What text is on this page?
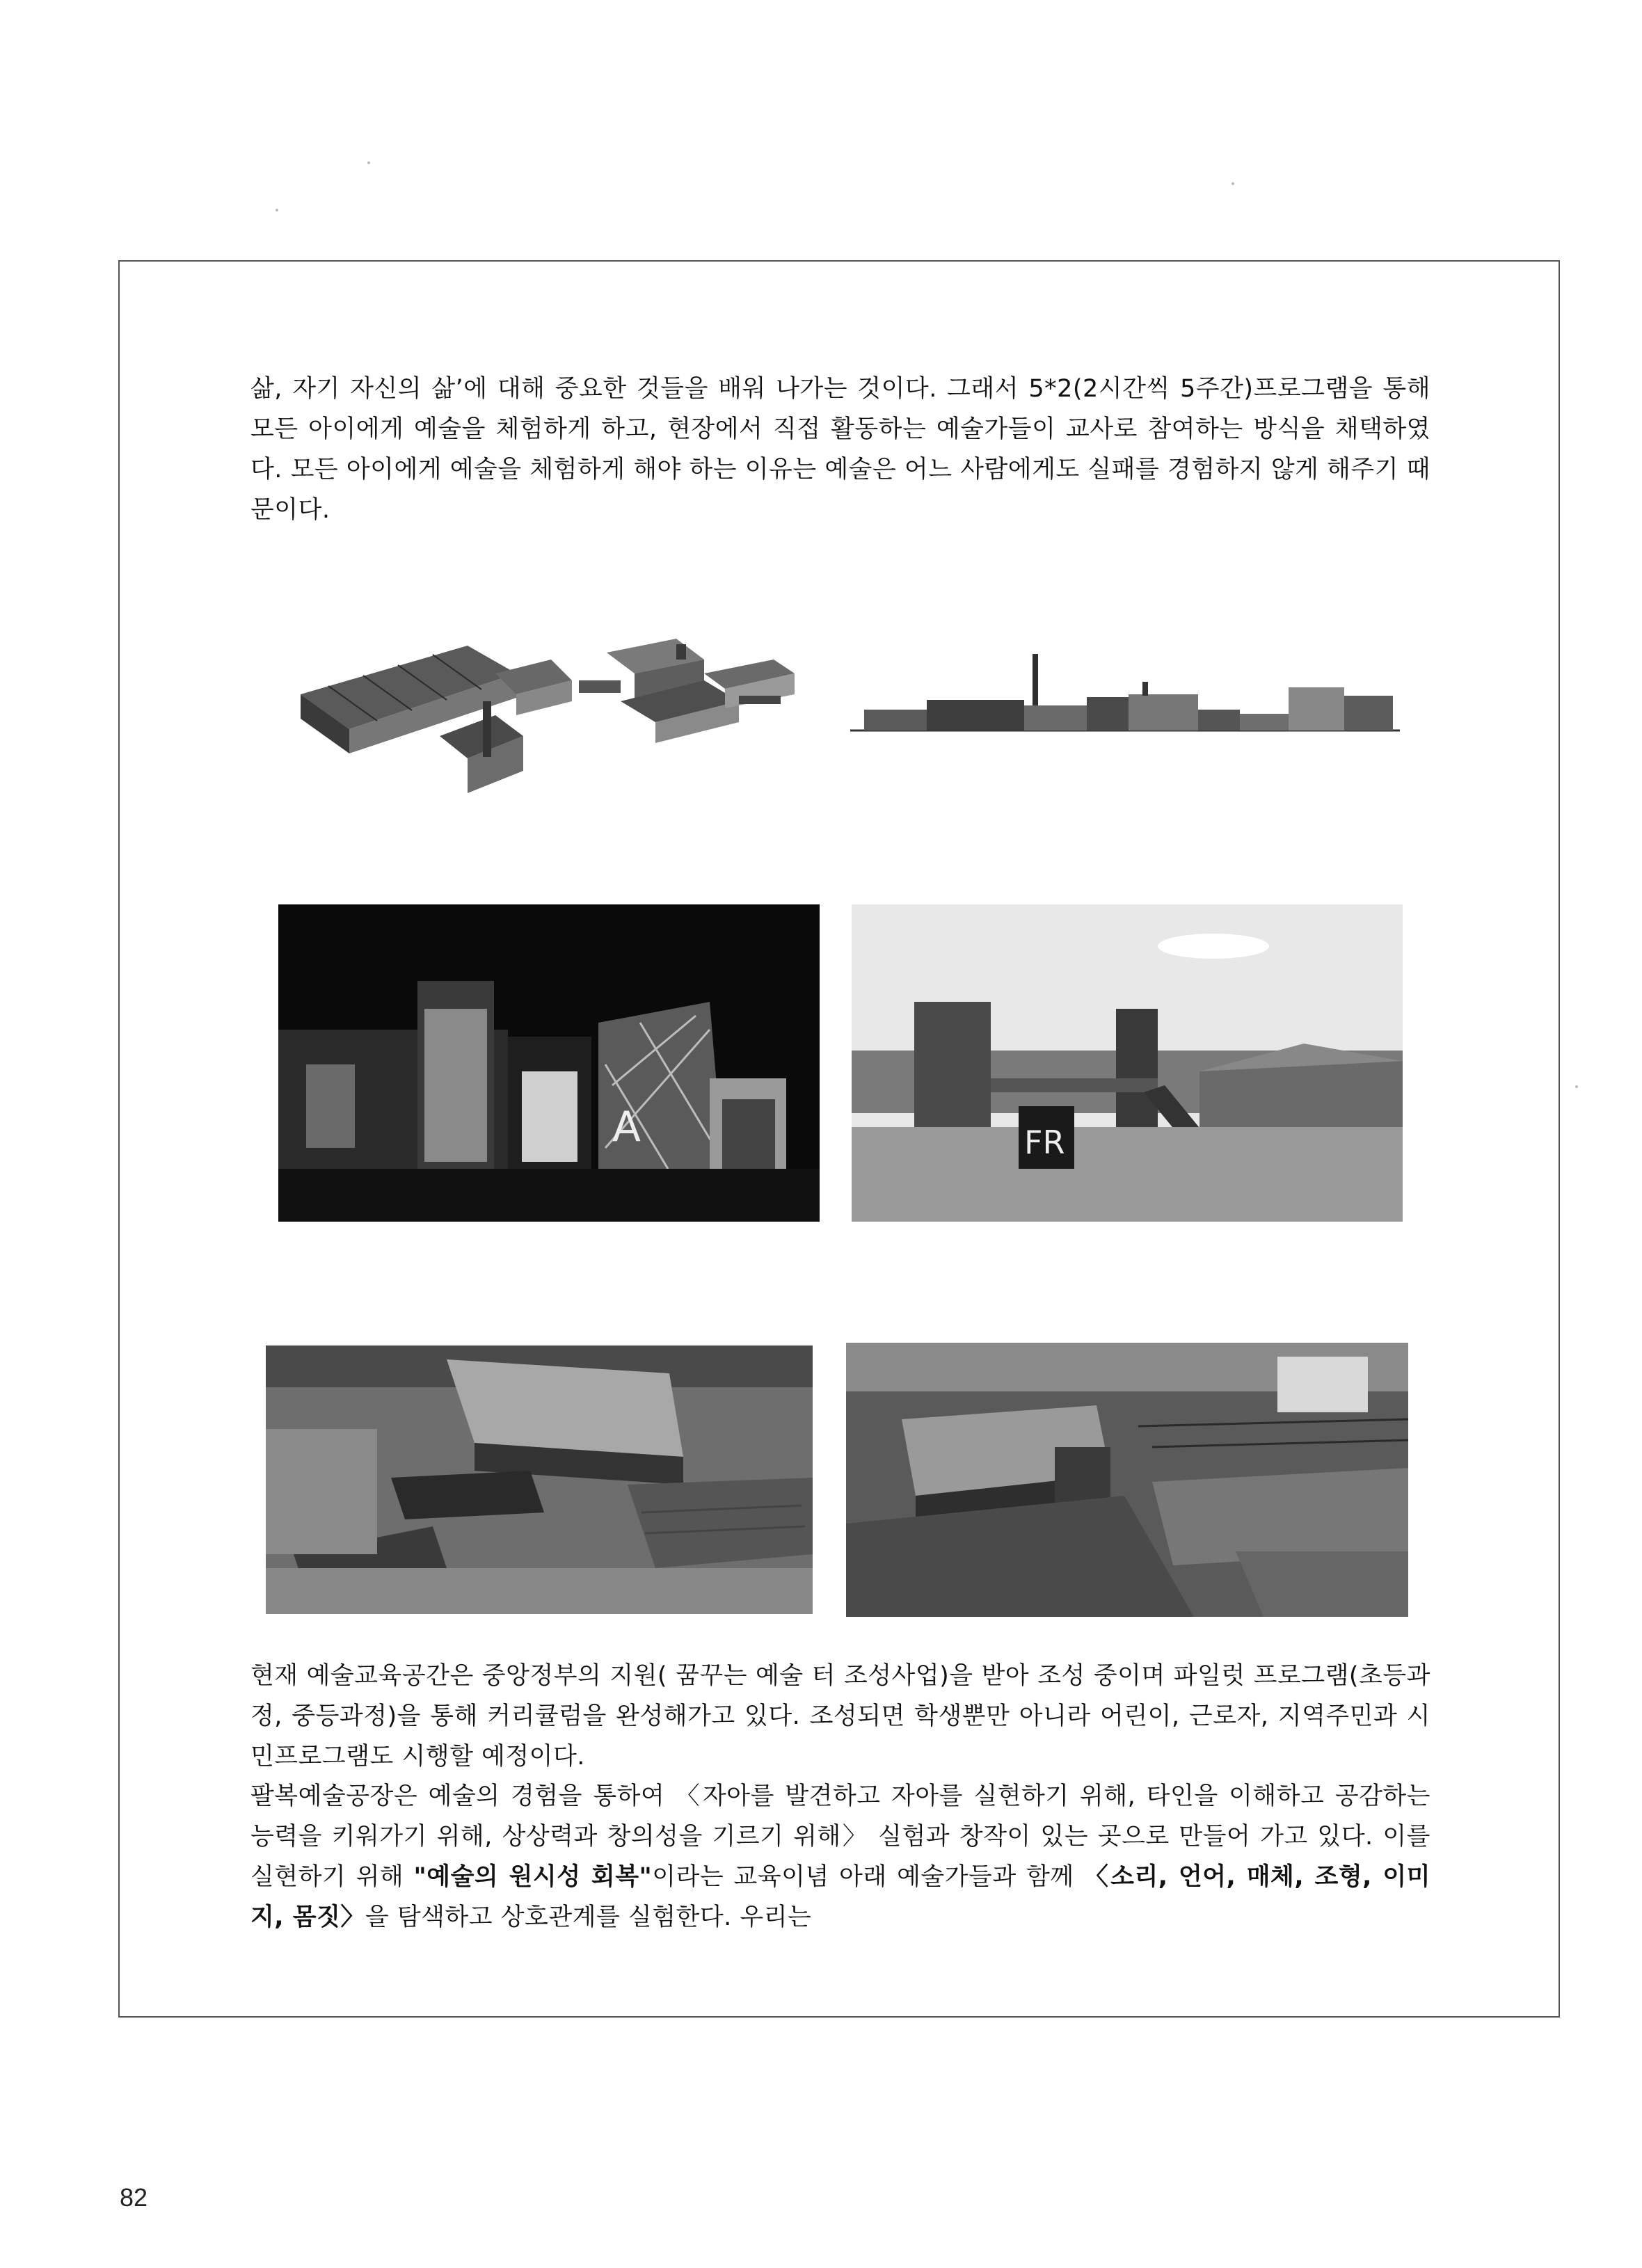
삶, 자기 자신의 삶’에 대해 중요한 것들을 배워 나가는 것이다. 그래서 5*2(2시간씩 5주간)프로그램을 통해 모든 아이에게 예술을 체험하게 하고, 현장에서 직접 활동하는 예술가들이 교사로 참여하는 방식을 채택하였다. 모든 아이에게 예술을 체험하게 해야 하는 이유는 예술은 어느 사람에게도 실패를 경험하지 않게 해주기 때문이다.

A	FR

현재 예술교육공간은 중앙정부의 지원( 꿈꾸는 예술 터 조성사업)을 받아 조성 중이며 파일럿 프로그램(초등과정, 중등과정)을 통해 커리큘럼을 완성해가고 있다. 조성되면 학생뿐만 아니라 어린이, 근로자, 지역주민과 시민프로그램도 시행할 예정이다.

팔복예술공장은 예술의 경험을 통하여 〈자아를 발견하고 자아를 실현하기 위해, 타인을 이해하고 공감하는 능력을 키워가기 위해, 상상력과 창의성을 기르기 위해〉 실험과 창작이 있는 곳으로 만들어 가고 있다. 이를 실현하기 위해 "예술의 원시성 회복"이라는 교육이념 아래 예술가들과 함께 〈소리, 언어, 매체, 조형, 이미지, 몸짓〉을 탐색하고 상호관계를 실험한다. 우리는

82
